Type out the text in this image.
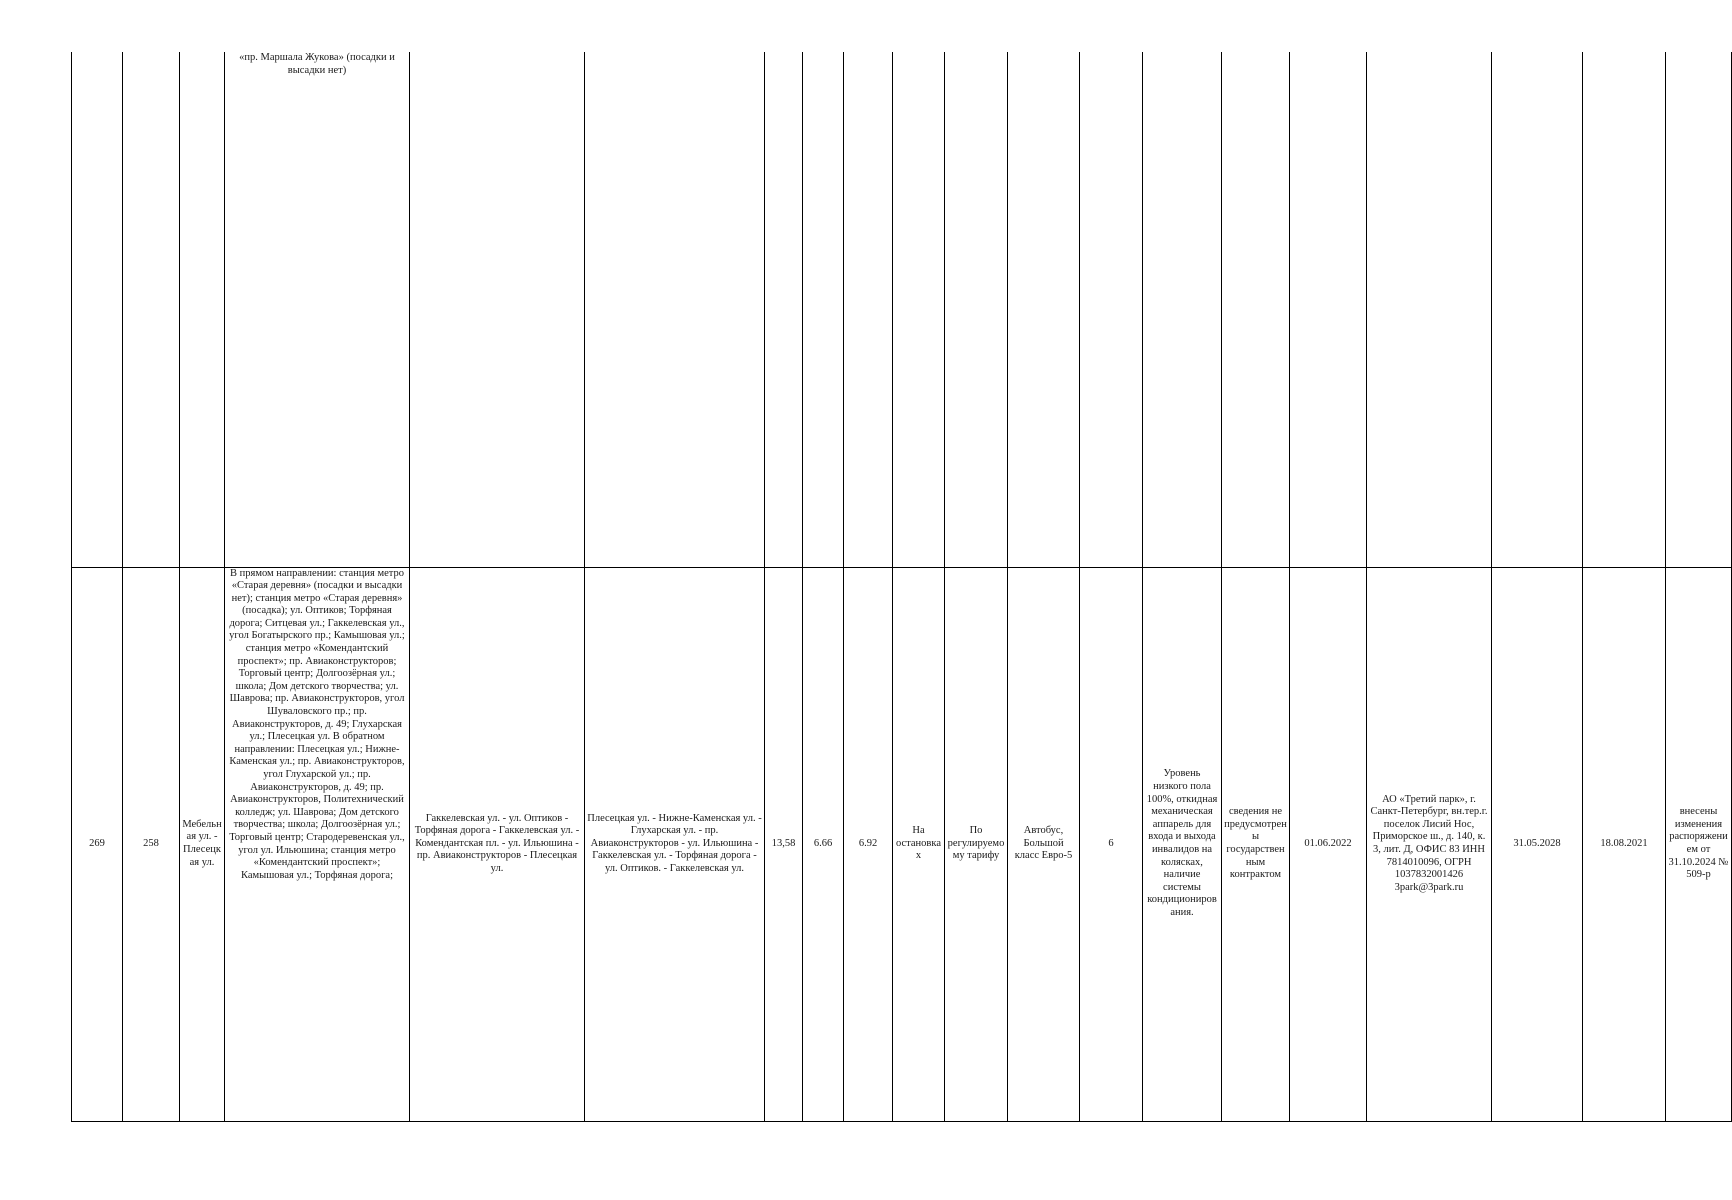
			«пр. Маршала Жукова» (посадки и высадки нет)																

269	258	Мебельная ул. - Плесецкая ул.	В прямом направлении: станция метро «Старая деревня» (посадки и высадки нет); станция метро «Старая деревня» (посадка); ул. Оптиков; Торфяная дорога; Ситцевая ул.; Гаккелевская ул., угол Богатырского пр.; Камышовая ул.; станция метро «Комендантский проспект»; пр. Авиаконструкторов; Торговый центр; Долгоозёрная ул.; школа; Дом детского творчества; ул. Шаврова; пр. Авиаконструкторов, угол Шуваловского пр.; пр. Авиаконструкторов, д. 49; Глухарская ул.; Плесецкая ул. В обратном направлении: Плесецкая ул.; Нижне-Каменская ул.; пр. Авиаконструкторов, угол Глухарской ул.; пр. Авиаконструкторов, д. 49; пр. Авиаконструкторов, Политехнический колледж; ул. Шаврова; Дом детского творчества; школа; Долгоозёрная ул.; Торговый центр; Стародеревенская ул., угол ул. Ильюшина; станция метро «Комендантский проспект»; Камышовая ул.; Торфяная дорога;	Гаккелевская ул. - ул. Оптиков - Торфяная дорога - Гаккелевская ул. - Комендантская пл. - ул. Ильюшина - пр. Авиаконструкторов - Плесецкая ул.	Плесецкая ул. - Нижне-Каменская ул. - Глухарская ул. - пр. Авиаконструкторов - ул. Ильюшина - Гаккелевская ул. - Торфяная дорога - ул. Оптиков. - Гаккелевская ул.	13,58	6.66	6.92	На остановках	По регулируемому тарифу	Автобус, Большой класс Евро-5	6	Уровень низкого пола 100%, откидная механическая аппарель для входа и выхода инвалидов на колясках, наличие системы кондиционирования.	сведения не предусмотрены государственным контрактом	01.06.2022	АО «Третий парк», г. Санкт-Петербург, вн.тер.г. поселок Лисий Нос, Приморское ш., д. 140, к. 3, лит. Д, ОФИС 83 ИНН 7814010096, ОГРН 1037832001426 3park@3park.ru	31.05.2028	18.08.2021	внесены изменения распоряжением от 31.10.2024 № 509-р
